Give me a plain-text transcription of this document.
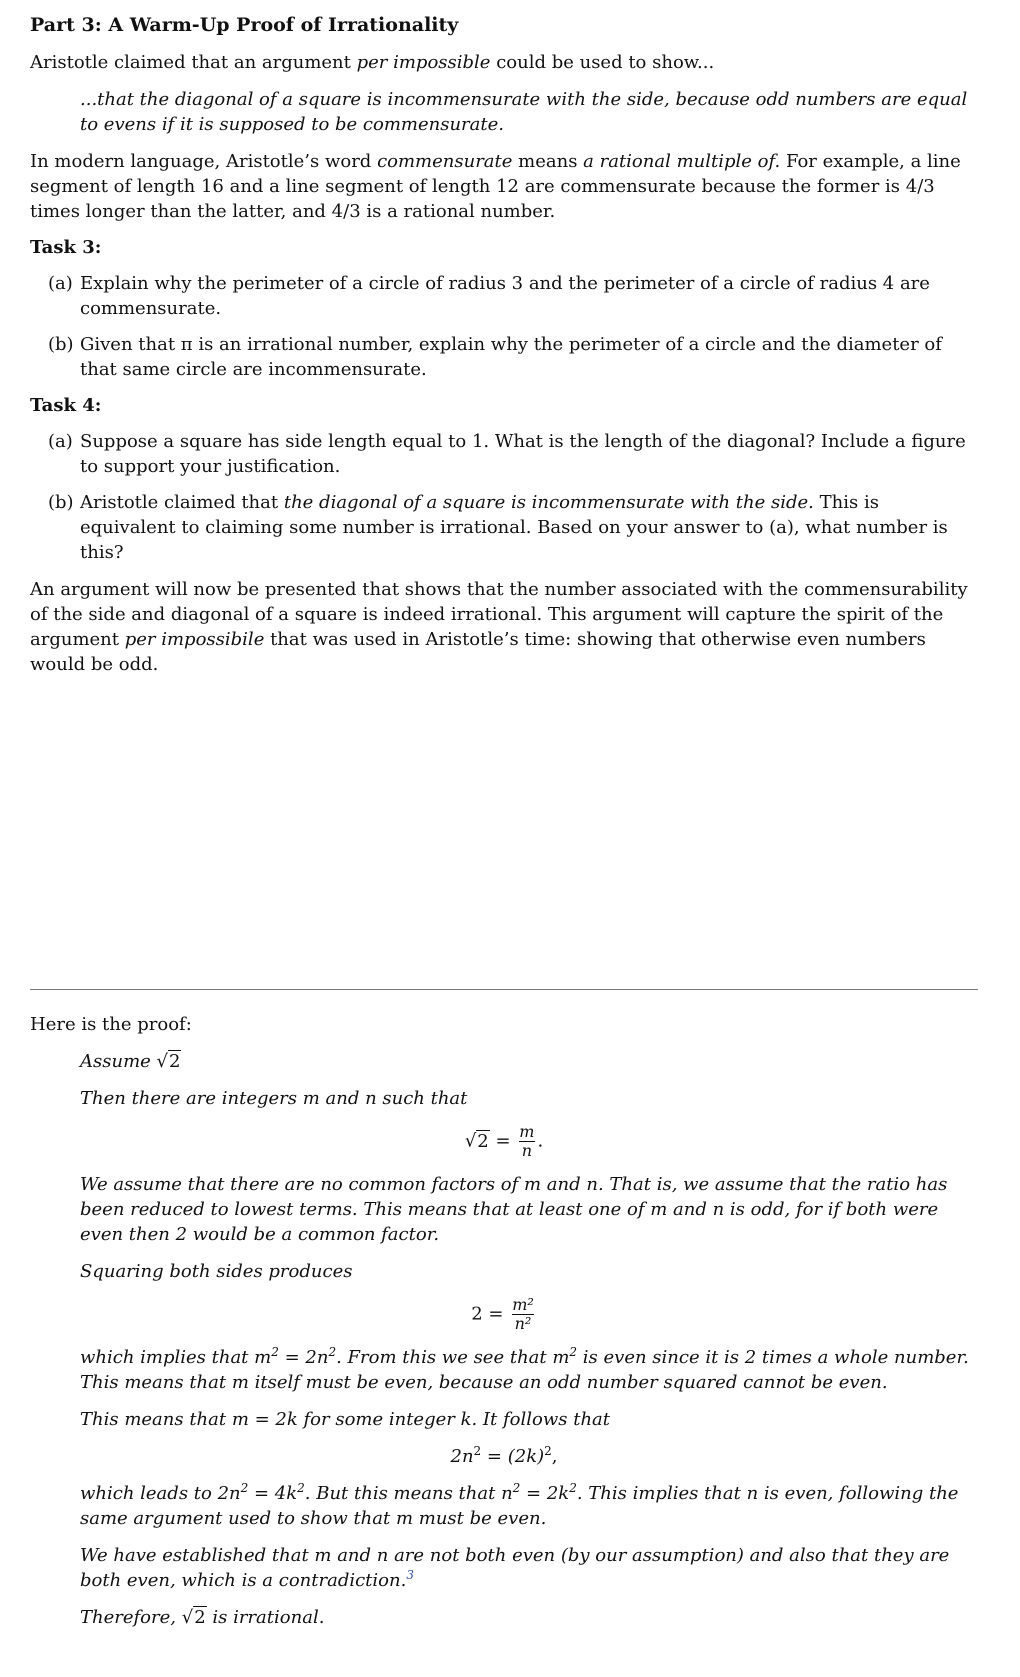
Part 3: A Warm-Up Proof of Irrationality

Aristotle claimed that an argument per impossible could be used to show...

...that the diagonal of a square is incommensurate with the side, because odd numbers are equal to evens if it is supposed to be commensurate.

In modern language, Aristotle’s word commensurate means a rational multiple of. For example, a line segment of length 16 and a line segment of length 12 are commensurate because the former is 4/3 times longer than the latter, and 4/3 is a rational number.

Task 3:

(a) Explain why the perimeter of a circle of radius 3 and the perimeter of a circle of radius 4 are commensurate.
(b) Given that π is an irrational number, explain why the perimeter of a circle and the diameter of that same circle are incommensurate.

Task 4:

(a) Suppose a square has side length equal to 1. What is the length of the diagonal? Include a figure to support your justification.
(b) Aristotle claimed that the diagonal of a square is incommensurate with the side. This is equivalent to claiming some number is irrational. Based on your answer to (a), what number is this?

An argument will now be presented that shows that the number associated with the commensurability of the side and diagonal of a square is indeed irrational. This argument will capture the spirit of the argument per impossibile that was used in Aristotle’s time: showing that otherwise even numbers would be odd.

Here is the proof:

Assume √2

Then there are integers m and n such that

$√2 = \frac{m}{n}$ .

We assume that there are no common factors of m and n. That is, we assume that the ratio has been reduced to lowest terms. This means that at least one of m and n is odd, for if both were even then 2 would be a common factor.

Squaring both sides produces

$2 = \frac{\text{m²}}{\text{n²}}$

which implies that $m^2 = 2n^2$. From this we see that $m^2$ is even since it is 2 times a whole number. This means that m itself must be even, because an odd number squared cannot be even.

This means that m = 2k for some integer k. It follows that

$2n^2 = (2k)^2$,

which leads to $2n^2 = 4k^2$. But this means that $n^2 = 2k^2$. This implies that n is even, following the same argument used to show that m must be even.

We have established that m and n are not both even (by our assumption) and also that they are both even, which is a contradiction.$^3$

Therefore, √2 is irrational.
